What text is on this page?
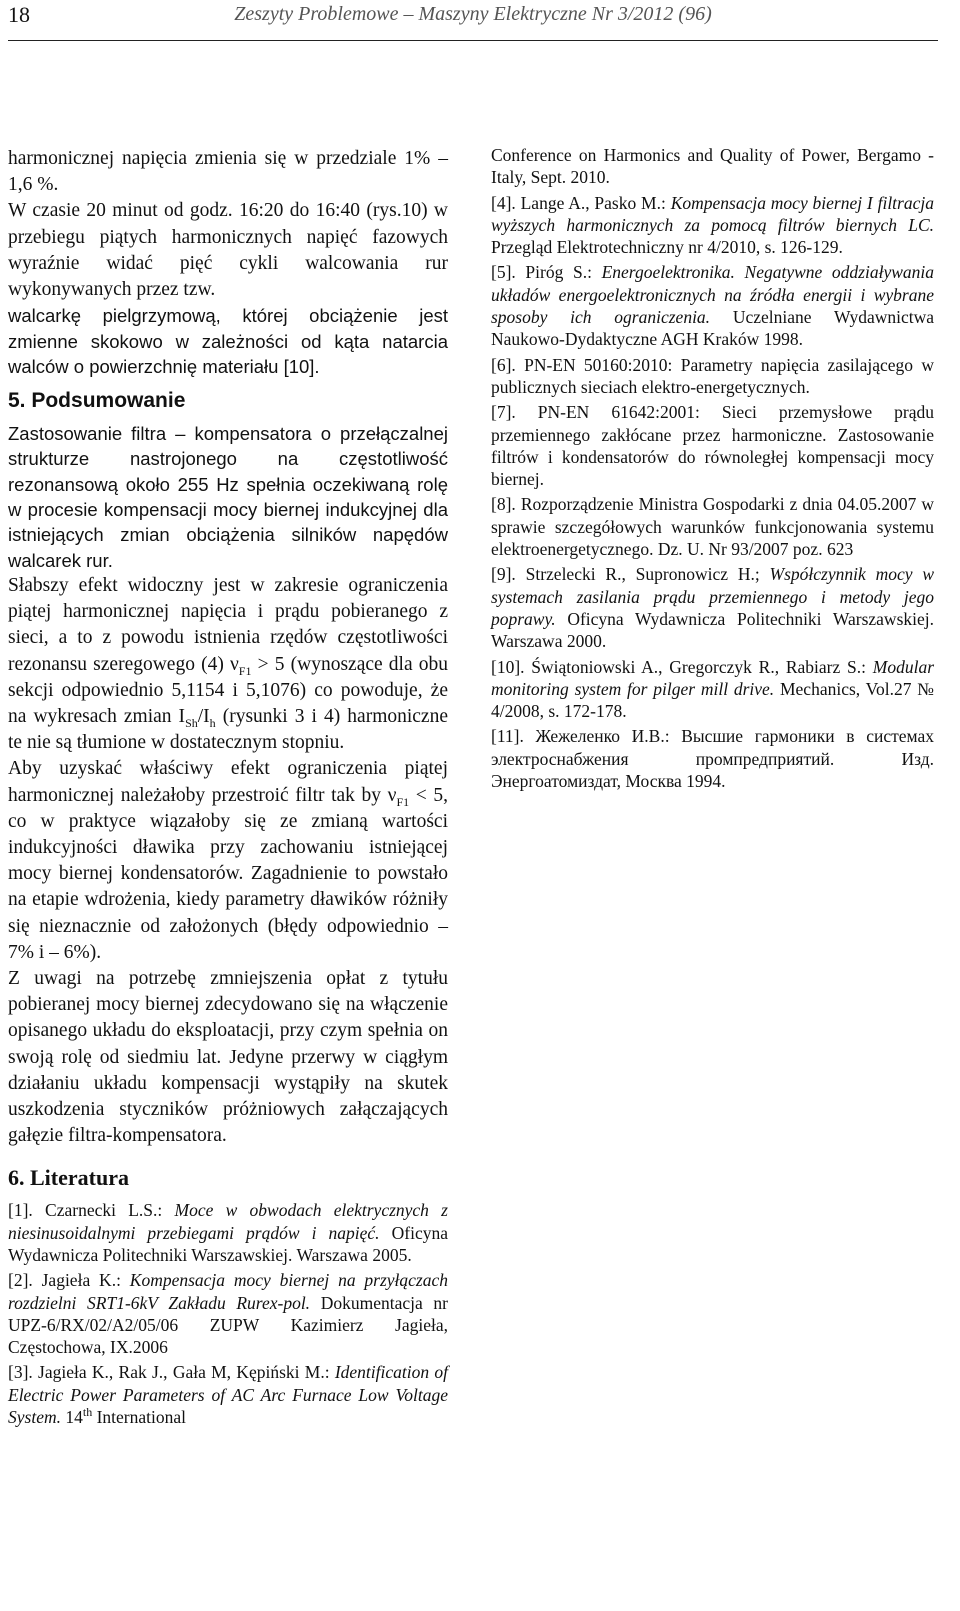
18	Zeszyty Problemowe – Maszyny Elektryczne Nr 3/2012 (96)

harmonicznej napięcia zmienia się w przedziale 1% – 1,6 %.

W czasie 20 minut od godz. 16:20 do 16:40 (rys.10) w przebiegu piątych harmonicznych napięć fazowych wyraźnie widać pięć cykli walcowania rur wykonywanych przez tzw.

walcarkę pielgrzymową, której obciążenie jest zmienne skokowo w zależności od kąta natarcia walców o powierzchnię materiału [10].

5. Podsumowanie

Zastosowanie filtra – kompensatora o przełączalnej strukturze nastrojonego na częstotliwość rezonansową około 255 Hz spełnia oczekiwaną rolę w procesie kompensacji mocy biernej indukcyjnej dla istniejących zmian obciążenia silników napędów walcarek rur.

Słabszy efekt widoczny jest w zakresie ograniczenia piątej harmonicznej napięcia i prądu pobieranego z sieci, a to z powodu istnienia rzędów częstotliwości rezonansu szeregowego (4) $\nu_{F1} > 5$ (wynoszące dla obu sekcji odpowiednio 5,1154 i 5,1076) co powoduje, że na wykresach zmian $I_{Sh}/I_h$ (rysunki 3 i 4) harmoniczne te nie są tłumione w dostatecznym stopniu.

Aby uzyskać właściwy efekt ograniczenia piątej harmonicznej należałoby przestroić filtr tak by $\nu_{F1} < 5$, co w praktyce wiązałoby się ze zmianą wartości indukcyjności dławika przy zachowaniu istniejącej mocy biernej kondensatorów. Zagadnienie to powstało na etapie wdrożenia, kiedy parametry dławików różniły się nieznacznie od założonych (błędy odpowiednio – 7% i – 6%).

Z uwagi na potrzebę zmniejszenia opłat z tytułu pobieranej mocy biernej zdecydowano się na włączenie opisanego układu do eksploatacji, przy czym spełnia on swoją rolę od siedmiu lat. Jedyne przerwy w ciągłym działaniu układu kompensacji wystąpiły na skutek uszkodzenia styczników próżniowych załączających gałęzie filtra-kompensatora.

6. Literatura

[1]. Czarnecki L.S.: Moce w obwodach elektrycznych z niesinusoidalnymi przebiegami prądów i napięć. Oficyna Wydawnicza Politechniki Warszawskiej. Warszawa 2005.

[2]. Jagieła K.: Kompensacja mocy biernej na przyłączach rozdzielni SRT1-6kV Zakładu Rurex-pol. Dokumentacja nr UPZ-6/RX/02/A2/05/06 ZUPW Kazimierz Jagieła, Częstochowa, IX.2006

[3]. Jagieła K., Rak J., Gała M, Kępiński M.: Identification of Electric Power Parameters of AC Arc Furnace Low Voltage System. 14th International

Conference on Harmonics and Quality of Power, Bergamo - Italy, Sept. 2010.

[4]. Lange A., Pasko M.: Kompensacja mocy biernej I filtracja wyższych harmonicznych za pomocą filtrów biernych LC. Przegląd Elektrotechniczny nr 4/2010, s. 126-129.

[5]. Piróg S.: Energoelektronika. Negatywne oddziaływania układów energoelektronicznych na źródła energii i wybrane sposoby ich ograniczenia. Uczelniane Wydawnictwa Naukowo-Dydaktyczne AGH Kraków 1998.

[6]. PN-EN 50160:2010: Parametry napięcia zasilającego w publicznych sieciach elektro-energetycznych.

[7]. PN-EN 61642:2001: Sieci przemysłowe prądu przemiennego zakłócane przez harmoniczne. Zastosowanie filtrów i kondensatorów do równoległej kompensacji mocy biernej.

[8]. Rozporządzenie Ministra Gospodarki z dnia 04.05.2007 w sprawie szczegółowych warunków funkcjonowania systemu elektroenergetycznego. Dz. U. Nr 93/2007 poz. 623

[9]. Strzelecki R., Supronowicz H.; Współczynnik mocy w systemach zasilania prądu przemiennego i metody jego poprawy. Oficyna Wydawnicza Politechniki Warszawskiej. Warszawa 2000.

[10]. Świątoniowski A., Gregorczyk R., Rabiarz S.: Modular monitoring system for pilger mill drive. Mechanics, Vol.27 № 4/2008, s. 172-178.

[11]. Жежеленко И.В.: Высшие гармоники в системах электроснабжения промпредприятий. Изд. Энергоатомиздат, Москва 1994.
